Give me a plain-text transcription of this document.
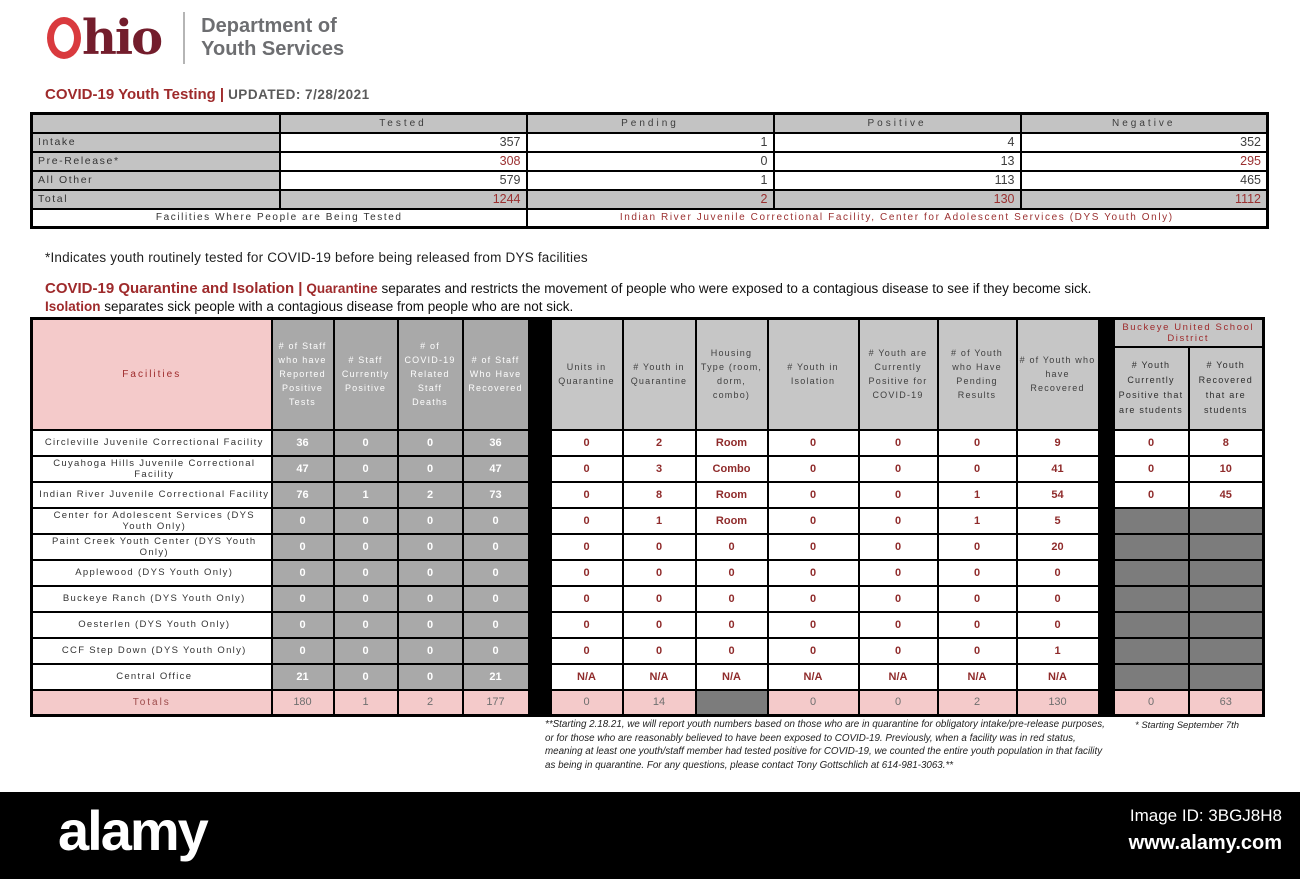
hio Department of
Youth Services
COVID-19 Youth Testing | UPDATED: 7/28/2021
	Tested	Pending	Positive	Negative
Intake	357	1	4	352
Pre-Release*	308	0	13	295
All Other	579	1	113	465
Total	1244	2	130	1112
Facilities Where People are Being Tested		Indian River Juvenile Correctional Facility, Center for Adolescent Services (DYS Youth Only)		
*Indicates youth routinely tested for COVID-19 before being released from DYS facilities
COVID-19 Quarantine and Isolation | Quarantine separates and restricts the movement of people who were exposed to a contagious disease to see if they become sick.
Isolation separates sick people with a contagious disease from people who are not sick.
Facilities	# of Staff who have Reported Positive Tests	# Staff Currently Positive	# of COVID-19 Related Staff Deaths	# of Staff Who Have Recovered		Units in Quarantine	# Youth in Quarantine	Housing Type (room, dorm, combo)	# Youth in Isolation	# Youth are Currently Positive for COVID-19	# of Youth who Have Pending Results	# of Youth who have Recovered		Buckeye United School District	
														# Youth Currently Positive that are students	# Youth Recovered that are students
Circleville Juvenile Correctional Facility	36	0	0	36		0	2	Room	0	0	0	9		0	8
Cuyahoga Hills Juvenile Correctional Facility	47	0	0	47		0	3	Combo	0	0	0	41		0	10
Indian River Juvenile Correctional Facility	76	1	2	73		0	8	Room	0	0	1	54		0	45
Center for Adolescent Services (DYS Youth Only)	0	0	0	0		0	1	Room	0	0	1	5			
Paint Creek Youth Center (DYS Youth Only)	0	0	0	0		0	0	0	0	0	0	20			
Applewood (DYS Youth Only)	0	0	0	0		0	0	0	0	0	0	0			
Buckeye Ranch (DYS Youth Only)	0	0	0	0		0	0	0	0	0	0	0			
Oesterlen (DYS Youth Only)	0	0	0	0		0	0	0	0	0	0	0			
CCF Step Down (DYS Youth Only)	0	0	0	0		0	0	0	0	0	0	1			
Central Office	21	0	0	21		N/A	N/A	N/A	N/A	N/A	N/A	N/A			
Totals	180	1	2	177		0	14		0	0	2	130		0	63
**Starting 2.18.21, we will report youth numbers based on those who are in quarantine for obligatory intake/pre-release purposes, or for those who are reasonably believed to have been exposed to COVID-19. Previously, when a facility was in red status, meaning at least one youth/staff member had tested positive for COVID-19, we counted the entire youth population in that facility as being in quarantine. For any questions, please contact Tony Gottschlich at 614-981-3063.**
* Starting September 7th
alamy	Image ID: 3BGJ8H8
www.alamy.com
